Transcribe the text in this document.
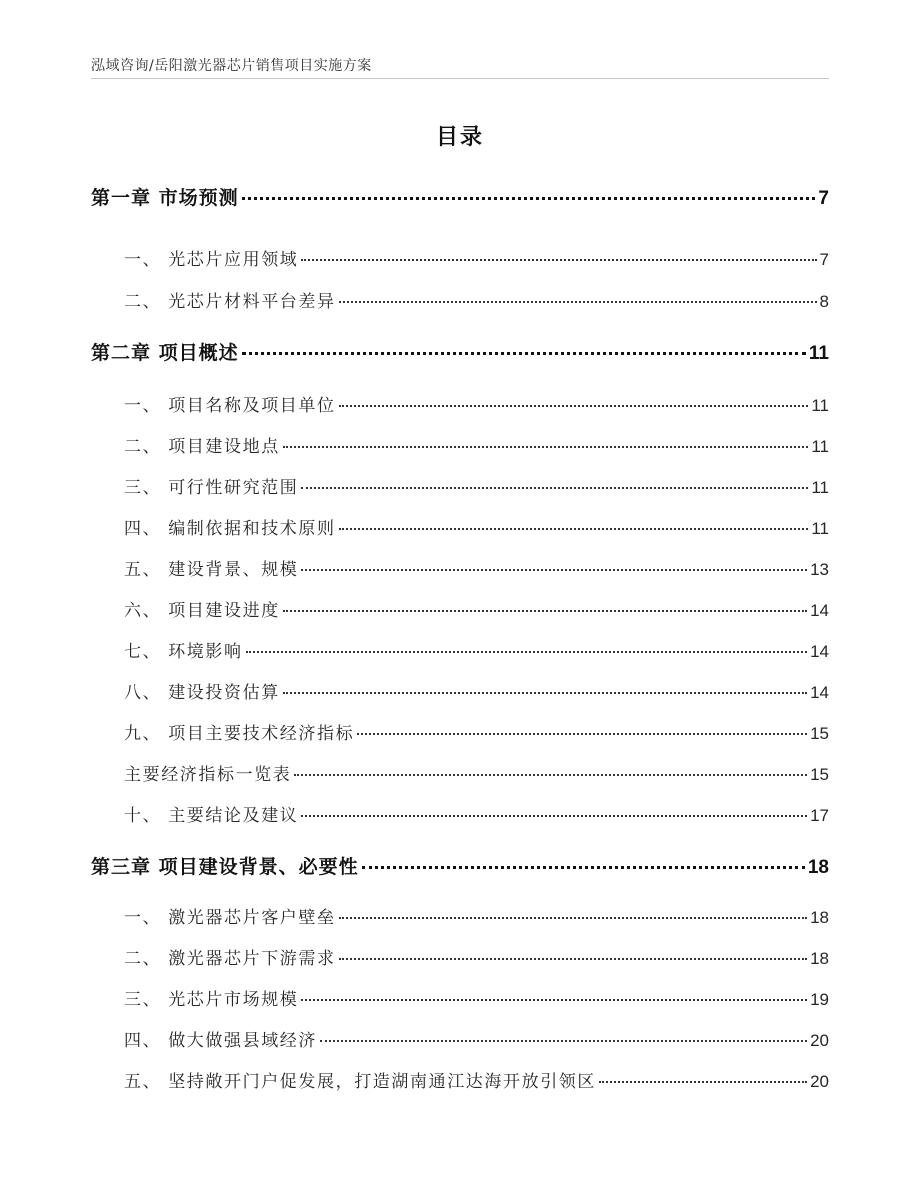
泓域咨询/岳阳激光器芯片销售项目实施方案
目录
第一章 市场预测	7
一、 光芯片应用领域	7
二、 光芯片材料平台差异	8
第二章 项目概述	11
一、 项目名称及项目单位	11
二、 项目建设地点	11
三、 可行性研究范围	11
四、 编制依据和技术原则	11
五、 建设背景、规模	13
六、 项目建设进度	14
七、 环境影响	14
八、 建设投资估算	14
九、 项目主要技术经济指标	15
主要经济指标一览表	15
十、 主要结论及建议	17
第三章 项目建设背景、必要性	18
一、 激光器芯片客户壁垒	18
二、 激光器芯片下游需求	18
三、 光芯片市场规模	19
四、 做大做强县域经济	20
五、 坚持敞开门户促发展，打造湖南通江达海开放引领区	20
